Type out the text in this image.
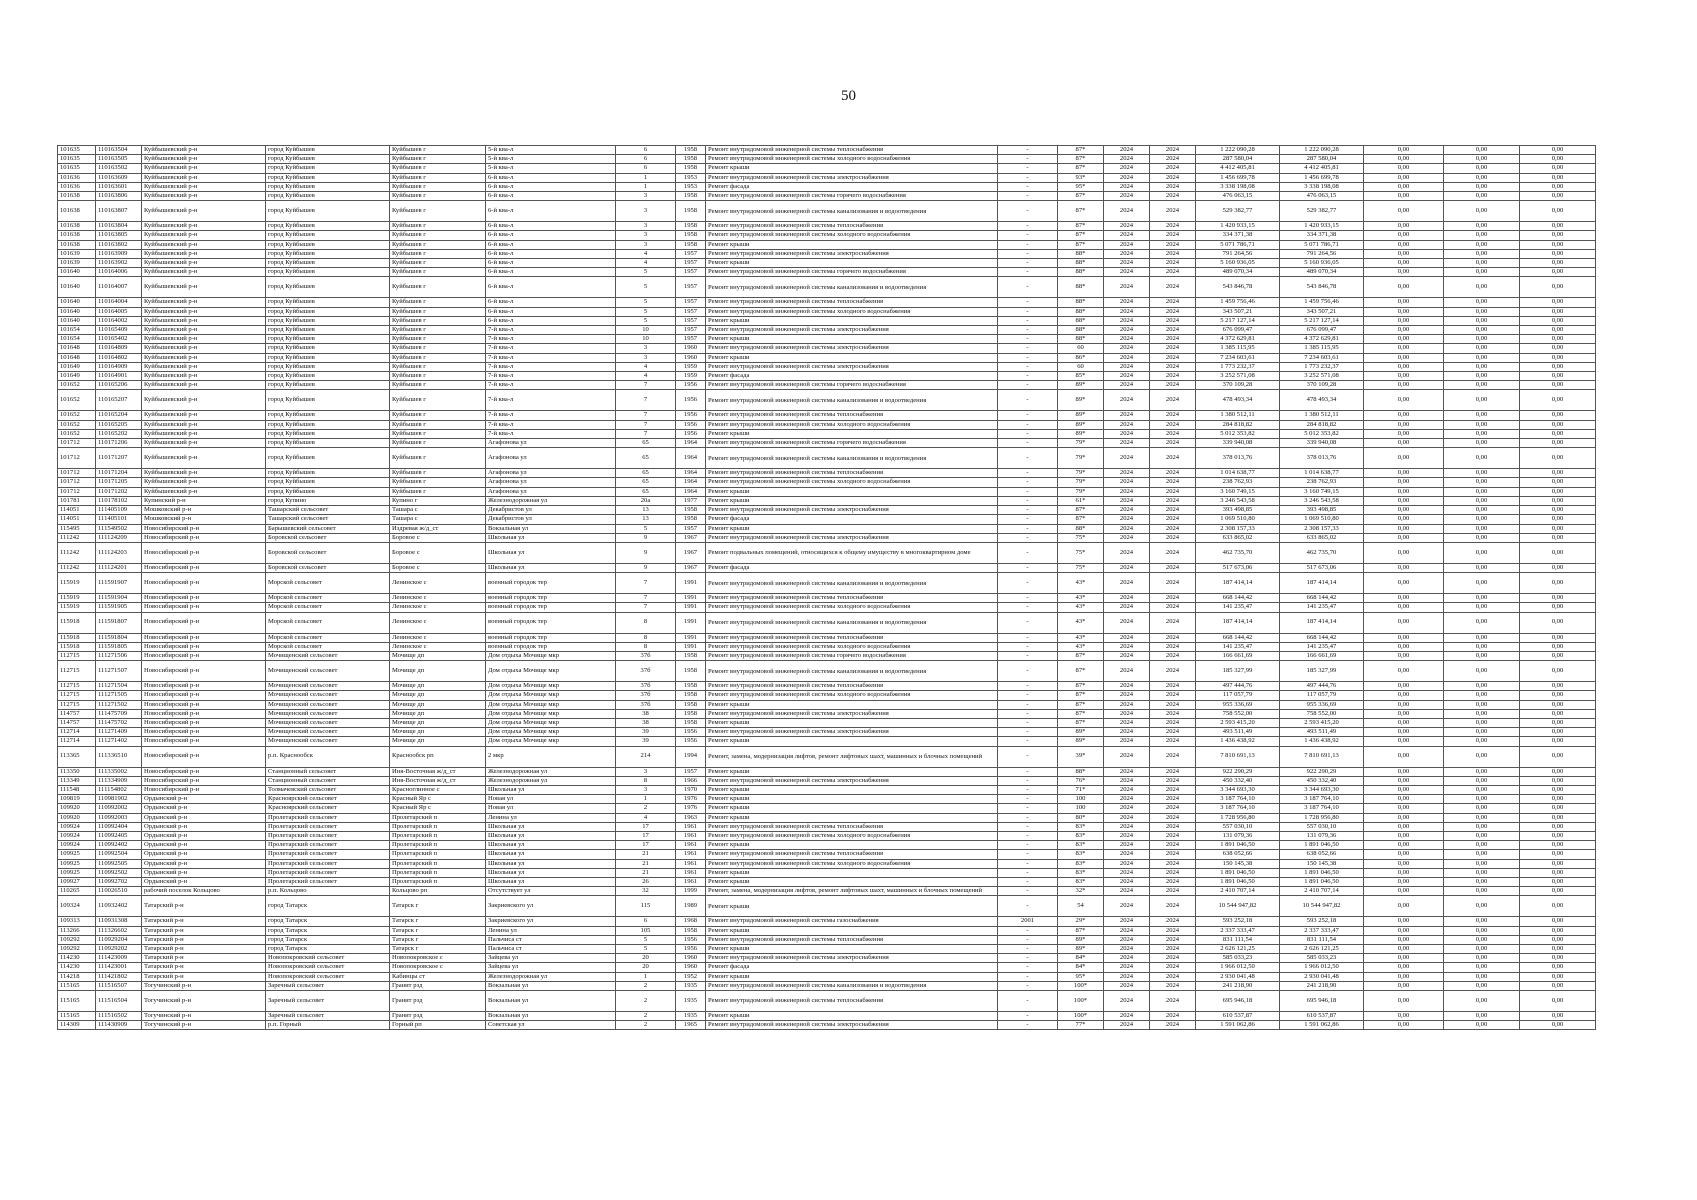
50
101635	110163504	Куйбышевский р-н	город Куйбышев	Куйбышев г	5-й ква-л	6	1958	Ремонт внутридомовой инженерной системы теплоснабжения	-	87*	2024	2024	1 222 090,28	1 222 090,28	0,00	0,00	0,00
101635	110163505	Куйбышевский р-н	город Куйбышев	Куйбышев г	5-й ква-л	6	1958	Ремонт внутридомовой инженерной системы холодного водоснабжения	-	87*	2024	2024	287 580,04	287 580,04	0,00	0,00	0,00
101635	110163502	Куйбышевский р-н	город Куйбышев	Куйбышев г	5-й ква-л	6	1958	Ремонт крыши	-	87*	2024	2024	4 412 405,81	4 412 405,81	0,00	0,00	0,00
101636	110163609	Куйбышевский р-н	город Куйбышев	Куйбышев г	6-й ква-л	1	1953	Ремонт внутридомовой инженерной системы электроснабжения	-	93*	2024	2024	1 456 699,78	1 456 699,78	0,00	0,00	0,00
101636	110163601	Куйбышевский р-н	город Куйбышев	Куйбышев г	6-й ква-л	1	1953	Ремонт фасада	-	95*	2024	2024	3 338 198,08	3 338 198,08	0,00	0,00	0,00
101638	110163806	Куйбышевский р-н	город Куйбышев	Куйбышев г	6-й ква-л	3	1958	Ремонт внутридомовой инженерной системы горячего водоснабжения	-	87*	2024	2024	476 063,15	476 063,15	0,00	0,00	0,00
101638	110163807	Куйбышевский р-н	город Куйбышев	Куйбышев г	6-й ква-л	3	1958	Ремонт внутридомовой инженерной системы канализования и водоотведения	-	87*	2024	2024	529 382,77	529 382,77	0,00	0,00	0,00
101638	110163804	Куйбышевский р-н	город Куйбышев	Куйбышев г	6-й ква-л	3	1958	Ремонт внутридомовой инженерной системы теплоснабжения	-	87*	2024	2024	1 420 933,15	1 420 933,15	0,00	0,00	0,00
101638	110163805	Куйбышевский р-н	город Куйбышев	Куйбышев г	6-й ква-л	3	1958	Ремонт внутридомовой инженерной системы холодного водоснабжения	-	87*	2024	2024	334 371,38	334 371,38	0,00	0,00	0,00
101638	110163802	Куйбышевский р-н	город Куйбышев	Куйбышев г	6-й ква-л	3	1958	Ремонт крыши	-	87*	2024	2024	5 071 786,71	5 071 786,71	0,00	0,00	0,00
101639	110163909	Куйбышевский р-н	город Куйбышев	Куйбышев г	6-й ква-л	4	1957	Ремонт внутридомовой инженерной системы электроснабжения	-	88*	2024	2024	791 264,56	791 264,56	0,00	0,00	0,00
101639	110163902	Куйбышевский р-н	город Куйбышев	Куйбышев г	6-й ква-л	4	1957	Ремонт крыши	-	88*	2024	2024	5 160 936,05	5 160 936,05	0,00	0,00	0,00
101640	110164006	Куйбышевский р-н	город Куйбышев	Куйбышев г	6-й ква-л	5	1957	Ремонт внутридомовой инженерной системы горячего водоснабжения	-	88*	2024	2024	489 070,34	489 070,34	0,00	0,00	0,00
101640	110164007	Куйбышевский р-н	город Куйбышев	Куйбышев г	6-й ква-л	5	1957	Ремонт внутридомовой инженерной системы канализования и водоотведения	-	88*	2024	2024	543 846,78	543 846,78	0,00	0,00	0,00
101640	110164004	Куйбышевский р-н	город Куйбышев	Куйбышев г	6-й ква-л	5	1957	Ремонт внутридомовой инженерной системы теплоснабжения	-	88*	2024	2024	1 459 756,46	1 459 756,46	0,00	0,00	0,00
101640	110164005	Куйбышевский р-н	город Куйбышев	Куйбышев г	6-й ква-л	5	1957	Ремонт внутридомовой инженерной системы холодного водоснабжения	-	88*	2024	2024	343 507,21	343 507,21	0,00	0,00	0,00
101640	110164002	Куйбышевский р-н	город Куйбышев	Куйбышев г	6-й ква-л	5	1957	Ремонт крыши	-	88*	2024	2024	5 217 127,14	5 217 127,14	0,00	0,00	0,00
101654	110165409	Куйбышевский р-н	город Куйбышев	Куйбышев г	7-й ква-л	10	1957	Ремонт внутридомовой инженерной системы электроснабжения	-	88*	2024	2024	676 099,47	676 099,47	0,00	0,00	0,00
101654	110165402	Куйбышевский р-н	город Куйбышев	Куйбышев г	7-й ква-л	10	1957	Ремонт крыши	-	88*	2024	2024	4 372 629,81	4 372 629,81	0,00	0,00	0,00
101648	110164809	Куйбышевский р-н	город Куйбышев	Куйбышев г	7-й ква-л	3	1960	Ремонт внутридомовой инженерной системы электроснабжения	-	60	2024	2024	1 385 115,95	1 385 115,95	0,00	0,00	0,00
101648	110164802	Куйбышевский р-н	город Куйбышев	Куйбышев г	7-й ква-л	3	1960	Ремонт крыши	-	86*	2024	2024	7 234 603,61	7 234 603,61	0,00	0,00	0,00
101649	110164909	Куйбышевский р-н	город Куйбышев	Куйбышев г	7-й ква-л	4	1959	Ремонт внутридомовой инженерной системы электроснабжения	-	60	2024	2024	1 773 232,37	1 773 232,37	0,00	0,00	0,00
101649	110164901	Куйбышевский р-н	город Куйбышев	Куйбышев г	7-й ква-л	4	1959	Ремонт фасада	-	85*	2024	2024	3 252 571,08	3 252 571,08	0,00	0,00	0,00
101652	110165206	Куйбышевский р-н	город Куйбышев	Куйбышев г	7-й ква-л	7	1956	Ремонт внутридомовой инженерной системы горячего водоснабжения	-	89*	2024	2024	370 109,28	370 109,28	0,00	0,00	0,00
101652	110165207	Куйбышевский р-н	город Куйбышев	Куйбышев г	7-й ква-л	7	1956	Ремонт внутридомовой инженерной системы канализования и водоотведения	-	89*	2024	2024	478 493,34	478 493,34	0,00	0,00	0,00
101652	110165204	Куйбышевский р-н	город Куйбышев	Куйбышев г	7-й ква-л	7	1956	Ремонт внутридомовой инженерной системы теплоснабжения	-	89*	2024	2024	1 380 512,11	1 380 512,11	0,00	0,00	0,00
101652	110165205	Куйбышевский р-н	город Куйбышев	Куйбышев г	7-й ква-л	7	1956	Ремонт внутридомовой инженерной системы холодного водоснабжения	-	89*	2024	2024	284 818,82	284 818,82	0,00	0,00	0,00
101652	110165202	Куйбышевский р-н	город Куйбышев	Куйбышев г	7-й ква-л	7	1956	Ремонт крыши	-	89*	2024	2024	5 012 353,82	5 012 353,82	0,00	0,00	0,00
101712	110171206	Куйбышевский р-н	город Куйбышев	Куйбышев г	Агафонова ул	65	1964	Ремонт внутридомовой инженерной системы горячего водоснабжения	-	79*	2024	2024	339 940,08	339 940,08	0,00	0,00	0,00
101712	110171207	Куйбышевский р-н	город Куйбышев	Куйбышев г	Агафонова ул	65	1964	Ремонт внутридомовой инженерной системы канализования и водоотведения	-	79*	2024	2024	378 013,76	378 013,76	0,00	0,00	0,00
101712	110171204	Куйбышевский р-н	город Куйбышев	Куйбышев г	Агафонова ул	65	1964	Ремонт внутридомовой инженерной системы теплоснабжения	-	79*	2024	2024	1 014 638,77	1 014 638,77	0,00	0,00	0,00
101712	110171205	Куйбышевский р-н	город Куйбышев	Куйбышев г	Агафонова ул	65	1964	Ремонт внутридомовой инженерной системы холодного водоснабжения	-	79*	2024	2024	238 762,93	238 762,93	0,00	0,00	0,00
101712	110171202	Куйбышевский р-н	город Куйбышев	Куйбышев г	Агафонова ул	65	1964	Ремонт крыши	-	79*	2024	2024	3 160 749,15	3 160 749,15	0,00	0,00	0,00
101781	110178102	Купинский р-н	город Купино	Купино г	Железнодорожная ул	20а	1977	Ремонт крыши	-	61*	2024	2024	3 246 543,58	3 246 543,58	0,00	0,00	0,00
114051	111405109	Мошковский р-н	Ташарский сельсовет	Ташара с	Декабристов ул	13	1958	Ремонт внутридомовой инженерной системы электроснабжения	-	87*	2024	2024	393 498,85	393 498,85	0,00	0,00	0,00
114051	111405101	Мошковский р-н	Ташарский сельсовет	Ташара с	Декабристов ул	13	1958	Ремонт фасада	-	87*	2024	2024	1 069 510,80	1 069 510,80	0,00	0,00	0,00
115495	111549502	Новосибирский р-н	Барышевский сельсовет	Издревая ж/д_ст	Вокзальная ул	5	1957	Ремонт крыши	-	88*	2024	2024	2 308 157,33	2 308 157,33	0,00	0,00	0,00
111242	111124209	Новосибирский р-н	Боровской сельсовет	Боровое с	Школьная ул	9	1967	Ремонт внутридомовой инженерной системы электроснабжения	-	75*	2024	2024	633 865,02	633 865,02	0,00	0,00	0,00
111242	111124203	Новосибирский р-н	Боровской сельсовет	Боровое с	Школьная ул	9	1967	Ремонт подвальных помещений, относящихся к общему имуществу в многоквартирном доме	-	75*	2024	2024	462 735,70	462 735,70	0,00	0,00	0,00
111242	111124201	Новосибирский р-н	Боровской сельсовет	Боровое с	Школьная ул	9	1967	Ремонт фасада	-	75*	2024	2024	517 673,06	517 673,06	0,00	0,00	0,00
115919	111591907	Новосибирский р-н	Морской сельсовет	Ленинское с	военный городок тер	7	1991	Ремонт внутридомовой инженерной системы канализования и водоотведения	-	43*	2024	2024	187 414,14	187 414,14	0,00	0,00	0,00
115919	111591904	Новосибирский р-н	Морской сельсовет	Ленинское с	военный городок тер	7	1991	Ремонт внутридомовой инженерной системы теплоснабжения	-	43*	2024	2024	668 144,42	668 144,42	0,00	0,00	0,00
115919	111591905	Новосибирский р-н	Морской сельсовет	Ленинское с	военный городок тер	7	1991	Ремонт внутридомовой инженерной системы холодного водоснабжения	-	43*	2024	2024	141 235,47	141 235,47	0,00	0,00	0,00
115918	111591807	Новосибирский р-н	Морской сельсовет	Ленинское с	военный городок тер	8	1991	Ремонт внутридомовой инженерной системы канализования и водоотведения	-	43*	2024	2024	187 414,14	187 414,14	0,00	0,00	0,00
115918	111591804	Новосибирский р-н	Морской сельсовет	Ленинское с	военный городок тер	8	1991	Ремонт внутридомовой инженерной системы теплоснабжения	-	43*	2024	2024	668 144,42	668 144,42	0,00	0,00	0,00
115918	111591805	Новосибирский р-н	Морской сельсовет	Ленинское с	военный городок тер	8	1991	Ремонт внутридомовой инженерной системы холодного водоснабжения	-	43*	2024	2024	141 235,47	141 235,47	0,00	0,00	0,00
112715	111271506	Новосибирский р-н	Мочищенский сельсовет	Мочище дп	Дом отдыха Мочище мкр	37б	1958	Ремонт внутридомовой инженерной системы горячего водоснабжения	-	87*	2024	2024	166 661,69	166 661,69	0,00	0,00	0,00
112715	111271507	Новосибирский р-н	Мочищенский сельсовет	Мочище дп	Дом отдыха Мочище мкр	37б	1958	Ремонт внутридомовой инженерной системы канализования и водоотведения	-	87*	2024	2024	185 327,99	185 327,99	0,00	0,00	0,00
112715	111271504	Новосибирский р-н	Мочищенский сельсовет	Мочище дп	Дом отдыха Мочище мкр	37б	1958	Ремонт внутридомовой инженерной системы теплоснабжения	-	87*	2024	2024	497 444,76	497 444,76	0,00	0,00	0,00
112715	111271505	Новосибирский р-н	Мочищенский сельсовет	Мочище дп	Дом отдыха Мочище мкр	37б	1958	Ремонт внутридомовой инженерной системы холодного водоснабжения	-	87*	2024	2024	117 057,79	117 057,79	0,00	0,00	0,00
112715	111271502	Новосибирский р-н	Мочищенский сельсовет	Мочище дп	Дом отдыха Мочище мкр	37б	1958	Ремонт крыши	-	87*	2024	2024	955 336,69	955 336,69	0,00	0,00	0,00
114757	111475709	Новосибирский р-н	Мочищенский сельсовет	Мочище дп	Дом отдыха Мочище мкр	38	1958	Ремонт внутридомовой инженерной системы электроснабжения	-	87*	2024	2024	758 552,00	758 552,00	0,00	0,00	0,00
114757	111475702	Новосибирский р-н	Мочищенский сельсовет	Мочище дп	Дом отдыха Мочище мкр	38	1958	Ремонт крыши	-	87*	2024	2024	2 593 415,20	2 593 415,20	0,00	0,00	0,00
112714	111271409	Новосибирский р-н	Мочищенский сельсовет	Мочище дп	Дом отдыха Мочище мкр	39	1956	Ремонт внутридомовой инженерной системы электроснабжения	-	89*	2024	2024	493 511,49	493 511,49	0,00	0,00	0,00
112714	111271402	Новосибирский р-н	Мочищенский сельсовет	Мочище дп	Дом отдыха Мочище мкр	39	1956	Ремонт крыши	-	89*	2024	2024	1 436 438,92	1 436 438,92	0,00	0,00	0,00
113365	111336510	Новосибирский р-н	р.п. Краснообск	Краснообск рп	2 мкр	214	1994	Ремонт, замена, модернизация лифтов, ремонт лифтовых шахт, машинных и блочных помещений	-	39*	2024	2024	7 810 691,13	7 810 691,13	0,00	0,00	0,00
113350	111335002	Новосибирский р-н	Станционный сельсовет	Иня-Восточная ж/д_ст	Железнодорожная ул	3	1957	Ремонт крыши	-	88*	2024	2024	922 290,29	922 290,29	0,00	0,00	0,00
113349	111334909	Новосибирский р-н	Станционный сельсовет	Иня-Восточная ж/д_ст	Железнодорожная ул	8	1966	Ремонт внутридомовой инженерной системы электроснабжения	-	76*	2024	2024	450 332,40	450 332,40	0,00	0,00	0,00
111548	111154802	Новосибирский р-н	Толмачевский сельсовет	Красноглинное с	Школьная ул	3	1970	Ремонт крыши	-	71*	2024	2024	3 344 693,30	3 344 693,30	0,00	0,00	0,00
109819	110981902	Ордынский р-н	Красноярский сельсовет	Красный Яр с	Новая ул	1	1976	Ремонт крыши	-	100	2024	2024	3 187 764,10	3 187 764,10	0,00	0,00	0,00
109920	110992002	Ордынский р-н	Красноярский сельсовет	Красный Яр с	Новая ул	2	1976	Ремонт крыши	-	100	2024	2024	3 187 764,10	3 187 764,10	0,00	0,00	0,00
109920	110992003	Ордынский р-н	Пролетарский сельсовет	Пролетарский п	Ленина ул	4	1963	Ремонт крыши	-	80*	2024	2024	1 728 956,80	1 728 956,80	0,00	0,00	0,00
109924	110992404	Ордынский р-н	Пролетарский сельсовет	Пролетарский п	Школьная ул	17	1961	Ремонт внутридомовой инженерной системы теплоснабжения	-	83*	2024	2024	557 030,10	557 030,10	0,00	0,00	0,00
109924	110992405	Ордынский р-н	Пролетарский сельсовет	Пролетарский п	Школьная ул	17	1961	Ремонт внутридомовой инженерной системы холодного водоснабжения	-	83*	2024	2024	131 079,36	131 079,36	0,00	0,00	0,00
109924	110992402	Ордынский р-н	Пролетарский сельсовет	Пролетарский п	Школьная ул	17	1961	Ремонт крыши	-	83*	2024	2024	1 891 046,50	1 891 046,50	0,00	0,00	0,00
109925	110992504	Ордынский р-н	Пролетарский сельсовет	Пролетарский п	Школьная ул	21	1961	Ремонт внутридомовой инженерной системы теплоснабжения	-	83*	2024	2024	638 052,66	638 052,66	0,00	0,00	0,00
109925	110992505	Ордынский р-н	Пролетарский сельсовет	Пролетарский п	Школьная ул	21	1961	Ремонт внутридомовой инженерной системы холодного водоснабжения	-	83*	2024	2024	150 145,38	150 145,38	0,00	0,00	0,00
109925	110992502	Ордынский р-н	Пролетарский сельсовет	Пролетарский п	Школьная ул	21	1961	Ремонт крыши	-	83*	2024	2024	1 891 046,50	1 891 046,50	0,00	0,00	0,00
109927	110992702	Ордынский р-н	Пролетарский сельсовет	Пролетарский п	Школьная ул	26	1961	Ремонт крыши	-	83*	2024	2024	1 891 046,50	1 891 046,50	0,00	0,00	0,00
110265	110026510	рабочий поселок Кольцово	р.п. Кольцово	Кольцово рп	Отсутствует ул	32	1999	Ремонт, замена, модернизация лифтов, ремонт лифтовых шахт, машинных и блочных помещений	-	32*	2024	2024	2 410 707,14	2 410 707,14	0,00	0,00	0,00
109324	110932402	Татарский р-н	город Татарск	Татарск г	Закриевского ул	115	1989	Ремонт крыши	-	54	2024	2024	10 544 947,82	10 544 947,82	0,00	0,00	0,00
109313	110931308	Татарский р-н	город Татарск	Татарск г	Закриевского ул	6	1968	Ремонт внутридомовой инженерной системы газоснабжения	2001	29*	2024	2024	593 252,18	593 252,18	0,00	0,00	0,00
113266	111326602	Татарский р-н	город Татарск	Татарск г	Ленина ул	105	1958	Ремонт крыши	-	87*	2024	2024	2 337 333,47	2 337 333,47	0,00	0,00	0,00
109292	110929204	Татарский р-н	город Татарск	Татарск г	Пальчиса ст	5	1956	Ремонт внутридомовой инженерной системы теплоснабжения	-	89*	2024	2024	831 111,54	831 111,54	0,00	0,00	0,00
109292	110929202	Татарский р-н	город Татарск	Татарск г	Пальчиса ст	5	1956	Ремонт крыши	-	89*	2024	2024	2 626 121,25	2 626 121,25	0,00	0,00	0,00
114230	111423009	Татарский р-н	Новопокровский сельсовет	Новопокровское с	Зайцева ул	20	1960	Ремонт внутридомовой инженерной системы электроснабжения	-	84*	2024	2024	585 033,23	585 033,23	0,00	0,00	0,00
114230	111423001	Татарский р-н	Новопокровский сельсовет	Новопокровское с	Зайцева ул	20	1960	Ремонт фасада	-	84*	2024	2024	1 966 012,50	1 966 012,50	0,00	0,00	0,00
114218	111421802	Татарский р-н	Новопокровский сельсовет	Кабинцы ст	Железнодорожная ул	1	1952	Ремонт крыши	-	95*	2024	2024	2 930 041,48	2 930 041,48	0,00	0,00	0,00
115165	111516507	Тогучинский р-н	Заречный сельсовет	Гранит рзд	Вокзальная ул	2	1935	Ремонт внутридомовой инженерной системы канализования и водоотведения	-	100*	2024	2024	241 218,90	241 218,90	0,00	0,00	0,00
115165	111516504	Тогучинский р-н	Заречный сельсовет	Гранит рзд	Вокзальная ул	2	1935	Ремонт внутридомовой инженерной системы теплоснабжения	-	100*	2024	2024	695 946,18	695 946,18	0,00	0,00	0,00
115165	111516502	Тогучинский р-н	Заречный сельсовет	Гранит рзд	Вокзальная ул	2	1935	Ремонт крыши	-	100*	2024	2024	610 537,87	610 537,87	0,00	0,00	0,00
114309	111430909	Тогучинский р-н	р.п. Горный	Горный рп	Советская ул	2	1965	Ремонт внутридомовой инженерной системы электроснабжения	-	77*	2024	2024	1 591 062,86	1 591 062,86	0,00	0,00	0,00
